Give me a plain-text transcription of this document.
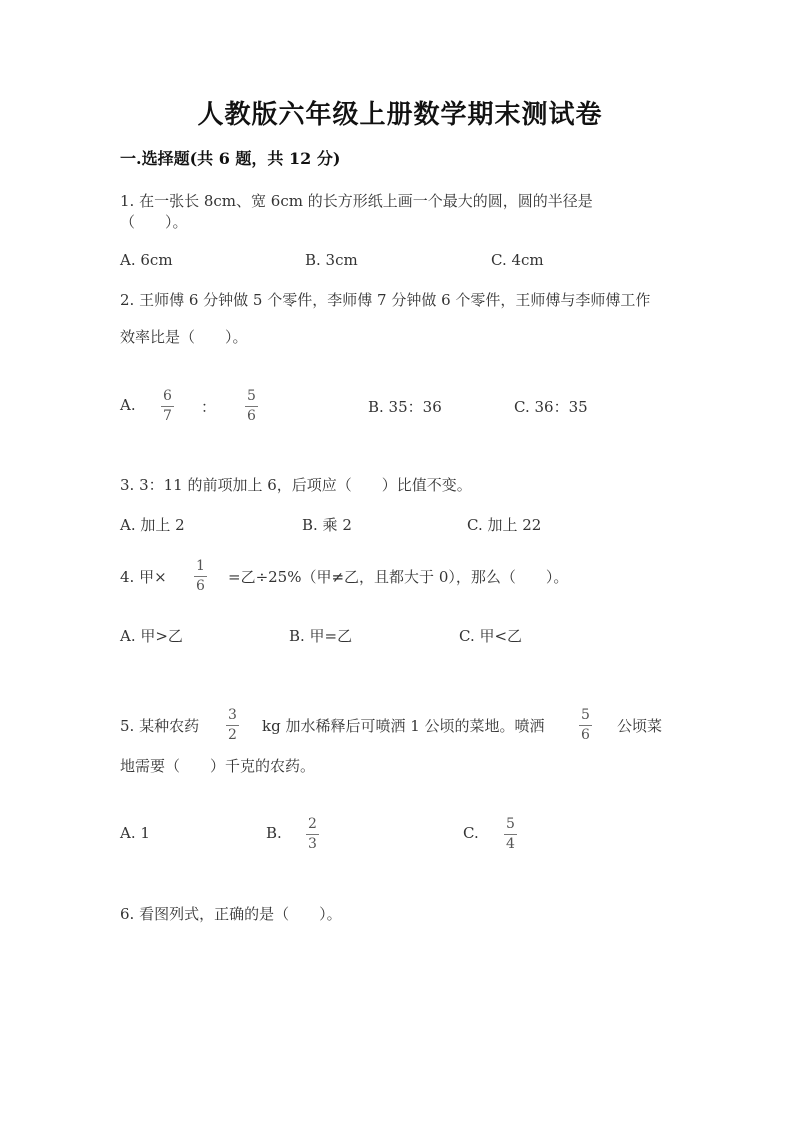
人教版六年级上册数学期末测试卷
一.选择题(共 6 题，共 12 分)
1. 在一张长 8cm、宽 6cm 的长方形纸上画一个最大的圆，圆的半径是
（　　）。
A. 6cm	B. 3cm	C. 4cm
2. 王师傅 6 分钟做 5 个零件，李师傅 7 分钟做 6 个零件，王师傅与李师傅工作
效率比是（　　）。
A. 6
7 ：
5
6	B. 35：36	C. 36：35
3. 3：11 的前项加上 6，后项应（　　）比值不变。
A. 加上 2	B. 乘 2	C. 加上 22
4. 甲×
1
6 =乙÷25%（甲≠乙，且都大于 0），那么（　　）。
A. 甲>乙	B. 甲=乙	C. 甲<乙
5. 某种农药
3
2 kg 加水稀释后可喷洒 1 公顷的菜地。喷洒
5
6 公顷菜
地需要（　　）千克的农药。
A. 1	B. 2
3
C. 5
4
6. 看图列式，正确的是（　　）。
